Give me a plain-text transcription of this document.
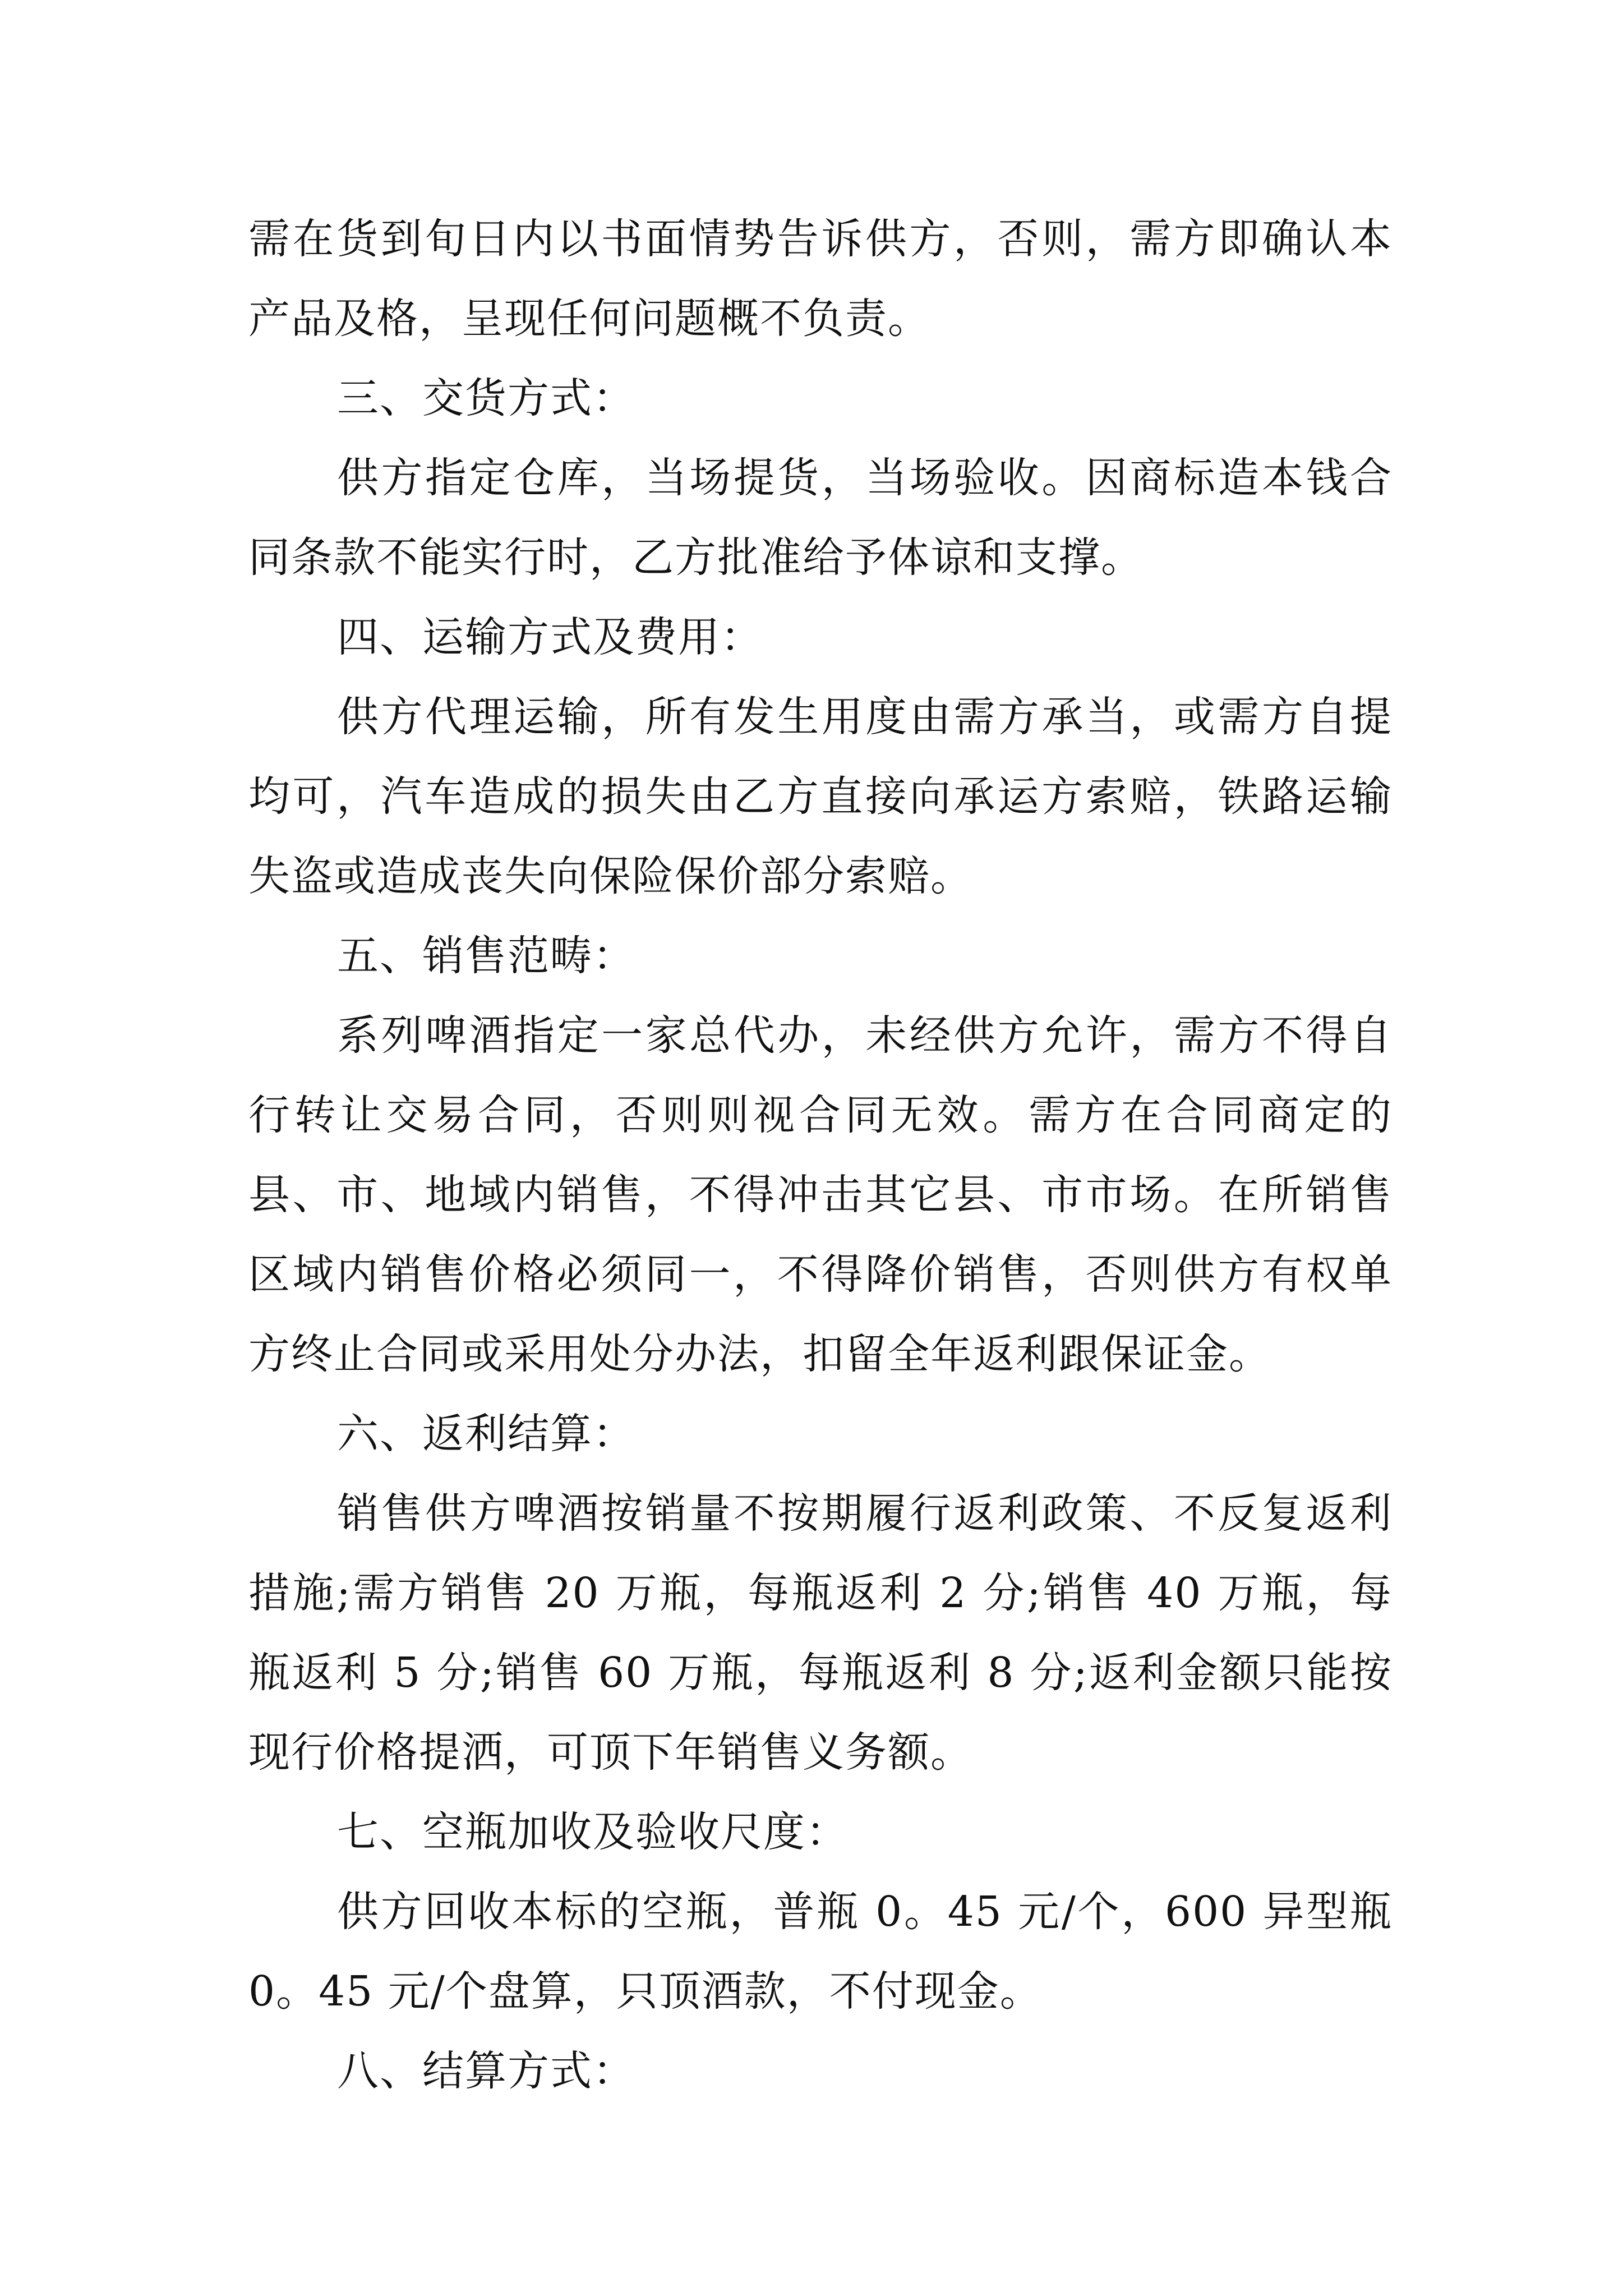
需在货到旬日内以书面情势告诉供方，否则，需方即确认本产品及格，呈现任何问题概不负责。

三、交货方式：

供方指定仓库，当场提货，当场验收。因商标造本钱合同条款不能实行时，乙方批准给予体谅和支撑。

四、运输方式及费用：

供方代理运输，所有发生用度由需方承当，或需方自提均可，汽车造成的损失由乙方直接向承运方索赔，铁路运输失盗或造成丧失向保险保价部分索赔。

五、销售范畴：

系列啤酒指定一家总代办，未经供方允许，需方不得自行转让交易合同，否则则视合同无效。需方在合同商定的县、市、地域内销售，不得冲击其它县、市市场。在所销售区域内销售价格必须同一，不得降价销售，否则供方有权单方终止合同或采用处分办法，扣留全年返利跟保证金。

六、返利结算：

销售供方啤酒按销量不按期履行返利政策、不反复返利措施;需方销售 20 万瓶，每瓶返利 2 分;销售 40 万瓶，每瓶返利 5 分;销售 60 万瓶，每瓶返利 8 分;返利金额只能按现行价格提洒，可顶下年销售义务额。

七、空瓶加收及验收尺度：

供方回收本标的空瓶，普瓶 0。45 元/个，600 异型瓶 0。45 元/个盘算，只顶酒款，不付现金。

八、结算方式：
